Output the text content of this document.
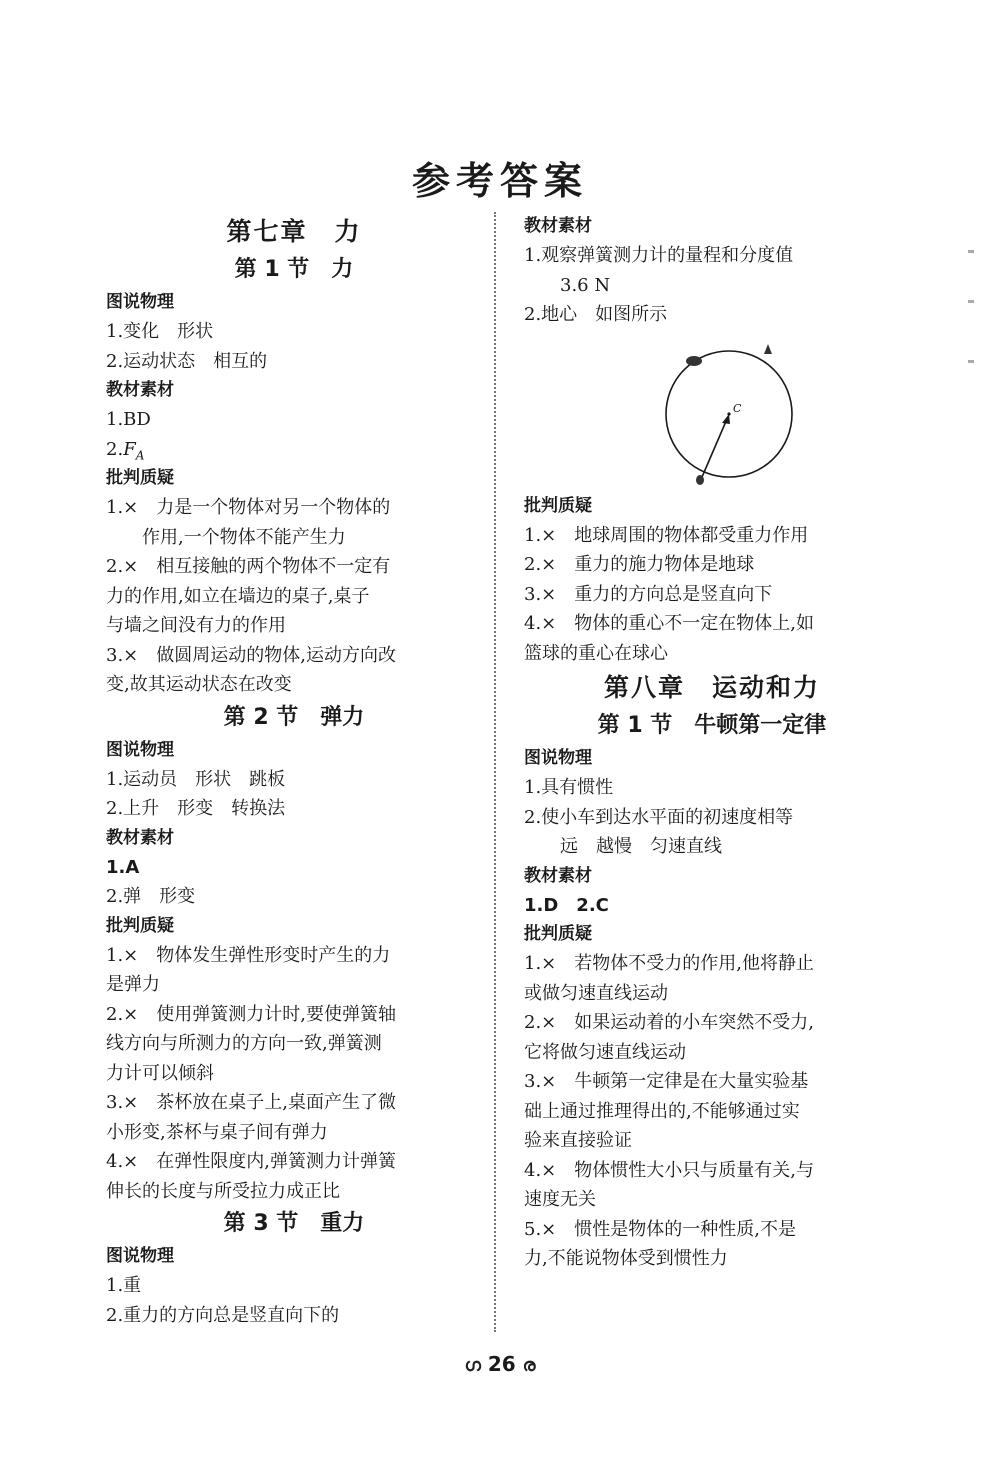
参考答案
第七章　力
第 1 节　力
图说物理
1.变化　形状
2.运动状态　相互的
教材素材
1.BD
$2.F_A$
批判质疑
1.×　力是一个物体对另一个物体的
作用,一个物体不能产生力
2.×　相互接触的两个物体不一定有
力的作用,如立在墙边的桌子,桌子
与墙之间没有力的作用
3.×　做圆周运动的物体,运动方向改
变,故其运动状态在改变
第 2 节　弹力
图说物理
1.运动员　形状　跳板
2.上升　形变　转换法
教材素材
1.A
2.弹　形变
批判质疑
1.×　物体发生弹性形变时产生的力
是弹力
2.×　使用弹簧测力计时,要使弹簧轴
线方向与所测力的方向一致,弹簧测
力计可以倾斜
3.×　茶杯放在桌子上,桌面产生了微
小形变,茶杯与桌子间有弹力
4.×　在弹性限度内,弹簧测力计弹簧
伸长的长度与所受拉力成正比
第 3 节　重力
图说物理
1.重
2.重力的方向总是竖直向下的
教材素材
1.观察弹簧测力计的量程和分度值
3.6 N
2.地心　如图所示
C
批判质疑
1.×　地球周围的物体都受重力作用
2.×　重力的施力物体是地球
3.×　重力的方向总是竖直向下
4.×　物体的重心不一定在物体上,如
篮球的重心在球心
第八章　运动和力
第 1 节　牛顿第一定律
图说物理
1.具有惯性
2.使小车到达水平面的初速度相等
远　越慢　匀速直线
教材素材
1.D　2.C
批判质疑
1.×　若物体不受力的作用,他将静止
或做匀速直线运动
2.×　如果运动着的小车突然不受力,
它将做匀速直线运动
3.×　牛顿第一定律是在大量实验基
础上通过推理得出的,不能够通过实
验来直接验证
4.×　物体惯性大小只与质量有关,与
速度无关
5.×　惯性是物体的一种性质,不是
力,不能说物体受到惯性力
ഗ 26 ര
